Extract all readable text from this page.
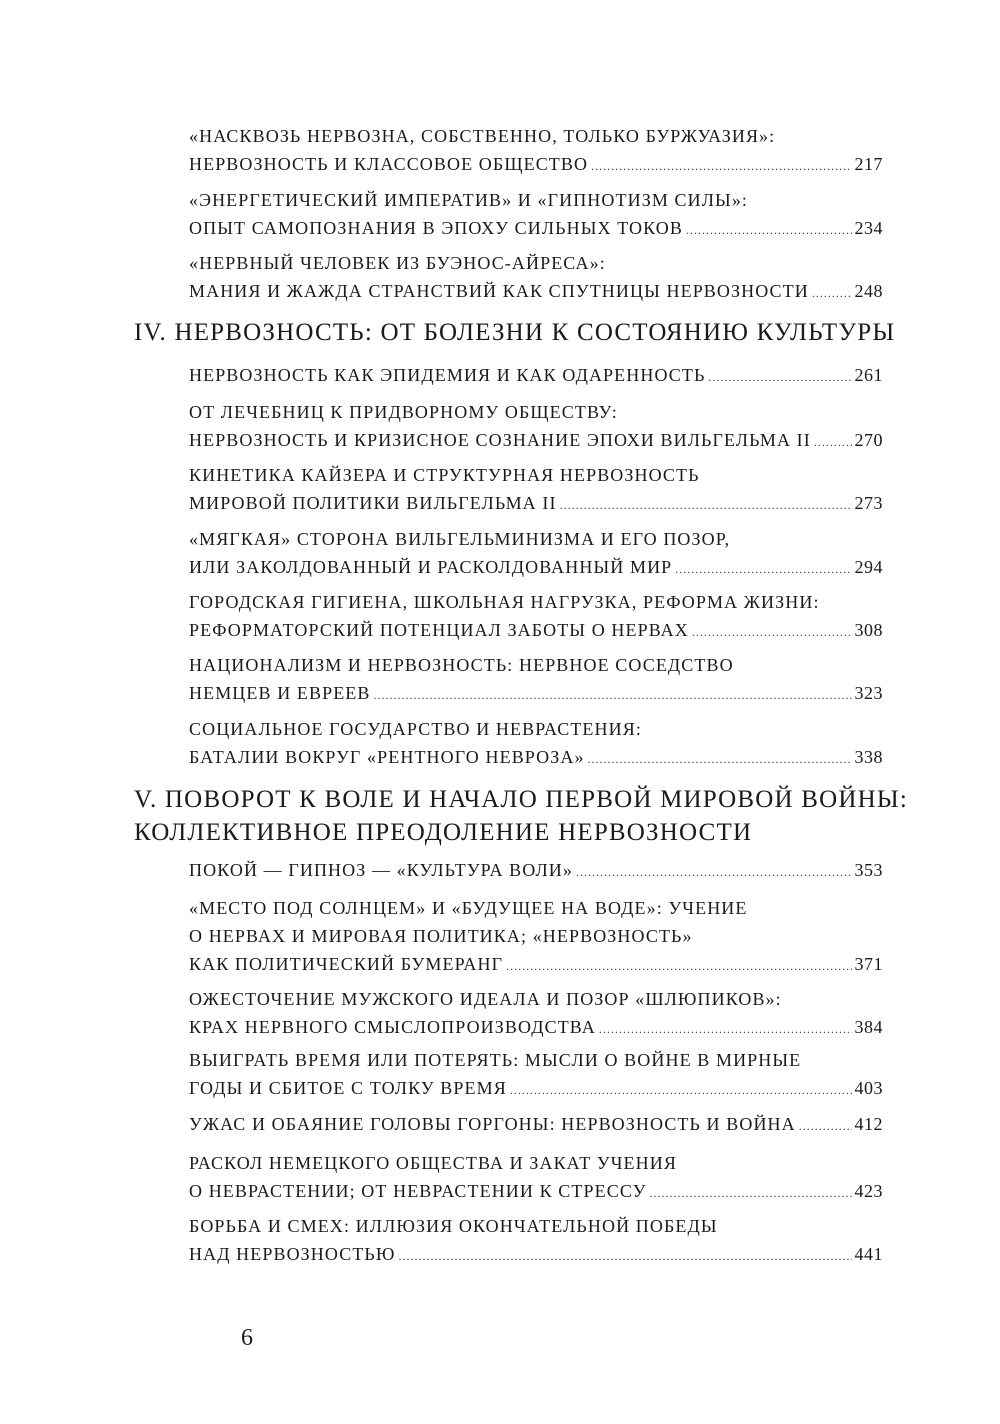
«НАСКВОЗЬ НЕРВОЗНА, СОБСТВЕННО, ТОЛЬКО БУРЖУАЗИЯ»:
НЕРВОЗНОСТЬ И КЛАССОВОЕ ОБЩЕСТВО .....	217
«ЭНЕРГЕТИЧЕСКИЙ ИМПЕРАТИВ» И «ГИПНОТИЗМ СИЛЫ»:
ОПЫТ САМОПОЗНАНИЯ В ЭПОХУ СИЛЬНЫХ ТОКОВ .....	234
«НЕРВНЫЙ ЧЕЛОВЕК ИЗ БУЭНОС-АЙРЕСА»:
МАНИЯ И ЖАЖДА СТРАНСТВИЙ КАК СПУТНИЦЫ НЕРВОЗНОСТИ .....	248
IV. НЕРВОЗНОСТЬ: ОТ БОЛЕЗНИ К СОСТОЯНИЮ КУЛЬТУРЫ
НЕРВОЗНОСТЬ КАК ЭПИДЕМИЯ И КАК ОДАРЕННОСТЬ .....	261
ОТ ЛЕЧЕБНИЦ К ПРИДВОРНОМУ ОБЩЕСТВУ:
НЕРВОЗНОСТЬ И КРИЗИСНОЕ СОЗНАНИЕ ЭПОХИ ВИЛЬГЕЛЬМА II ..... 270
КИНЕТИКА КАЙЗЕРА И СТРУКТУРНАЯ НЕРВОЗНОСТЬ
МИРОВОЙ ПОЛИТИКИ ВИЛЬГЕЛЬМА II .....	273
«МЯГКАЯ» СТОРОНА ВИЛЬГЕЛЬМИНИЗМА И ЕГО ПОЗОР,
ИЛИ ЗАКОЛДОВАННЫЙ И РАСКОЛДОВАННЫЙ МИР .....	294
ГОРОДСКАЯ ГИГИЕНА, ШКОЛЬНАЯ НАГРУЗКА, РЕФОРМА ЖИЗНИ:
РЕФОРМАТОРСКИЙ ПОТЕНЦИАЛ ЗАБОТЫ О НЕРВАХ .....	308
НАЦИОНАЛИЗМ И НЕРВОЗНОСТЬ: НЕРВНОЕ СОСЕДСТВО
НЕМЦЕВ И ЕВРЕЕВ .....	323
СОЦИАЛЬНОЕ ГОСУДАРСТВО И НЕВРАСТЕНИЯ:
БАТАЛИИ ВОКРУГ «РЕНТНОГО НЕВРОЗА» .....	338
V. ПОВОРОТ К ВОЛЕ И НАЧАЛО ПЕРВОЙ МИРОВОЙ ВОЙНЫ:
КОЛЛЕКТИВНОЕ ПРЕОДОЛЕНИЕ НЕРВОЗНОСТИ
ПОКОЙ — ГИПНОЗ — «КУЛЬТУРА ВОЛИ» .....	353
«МЕСТО ПОД СОЛНЦЕМ» И «БУДУЩЕЕ НА ВОДЕ»: УЧЕНИЕ
О НЕРВАХ И МИРОВАЯ ПОЛИТИКА; «НЕРВОЗНОСТЬ»
КАК ПОЛИТИЧЕСКИЙ БУМЕРАНГ .....	371
ОЖЕСТОЧЕНИЕ МУЖСКОГО ИДЕАЛА И ПОЗОР «ШЛЮПИКОВ»:
КРАХ НЕРВНОГО СМЫСЛОПРОИЗВОДСТВА .....	384
ВЫИГРАТЬ ВРЕМЯ ИЛИ ПОТЕРЯТЬ: МЫСЛИ О ВОЙНЕ В МИРНЫЕ
ГОДЫ И СБИТОЕ С ТОЛКУ ВРЕМЯ .....	403
УЖАС И ОБАЯНИЕ ГОЛОВЫ ГОРГОНЫ: НЕРВОЗНОСТЬ И ВОЙНА .....	412
РАСКОЛ НЕМЕЦКОГО ОБЩЕСТВА И ЗАКАТ УЧЕНИЯ
О НЕВРАСТЕНИИ; ОТ НЕВРАСТЕНИИ К СТРЕССУ .....	423
БОРЬБА И СМЕХ: ИЛЛЮЗИЯ ОКОНЧАТЕЛЬНОЙ ПОБЕДЫ
НАД НЕРВОЗНОСТЬЮ .....	441
6
